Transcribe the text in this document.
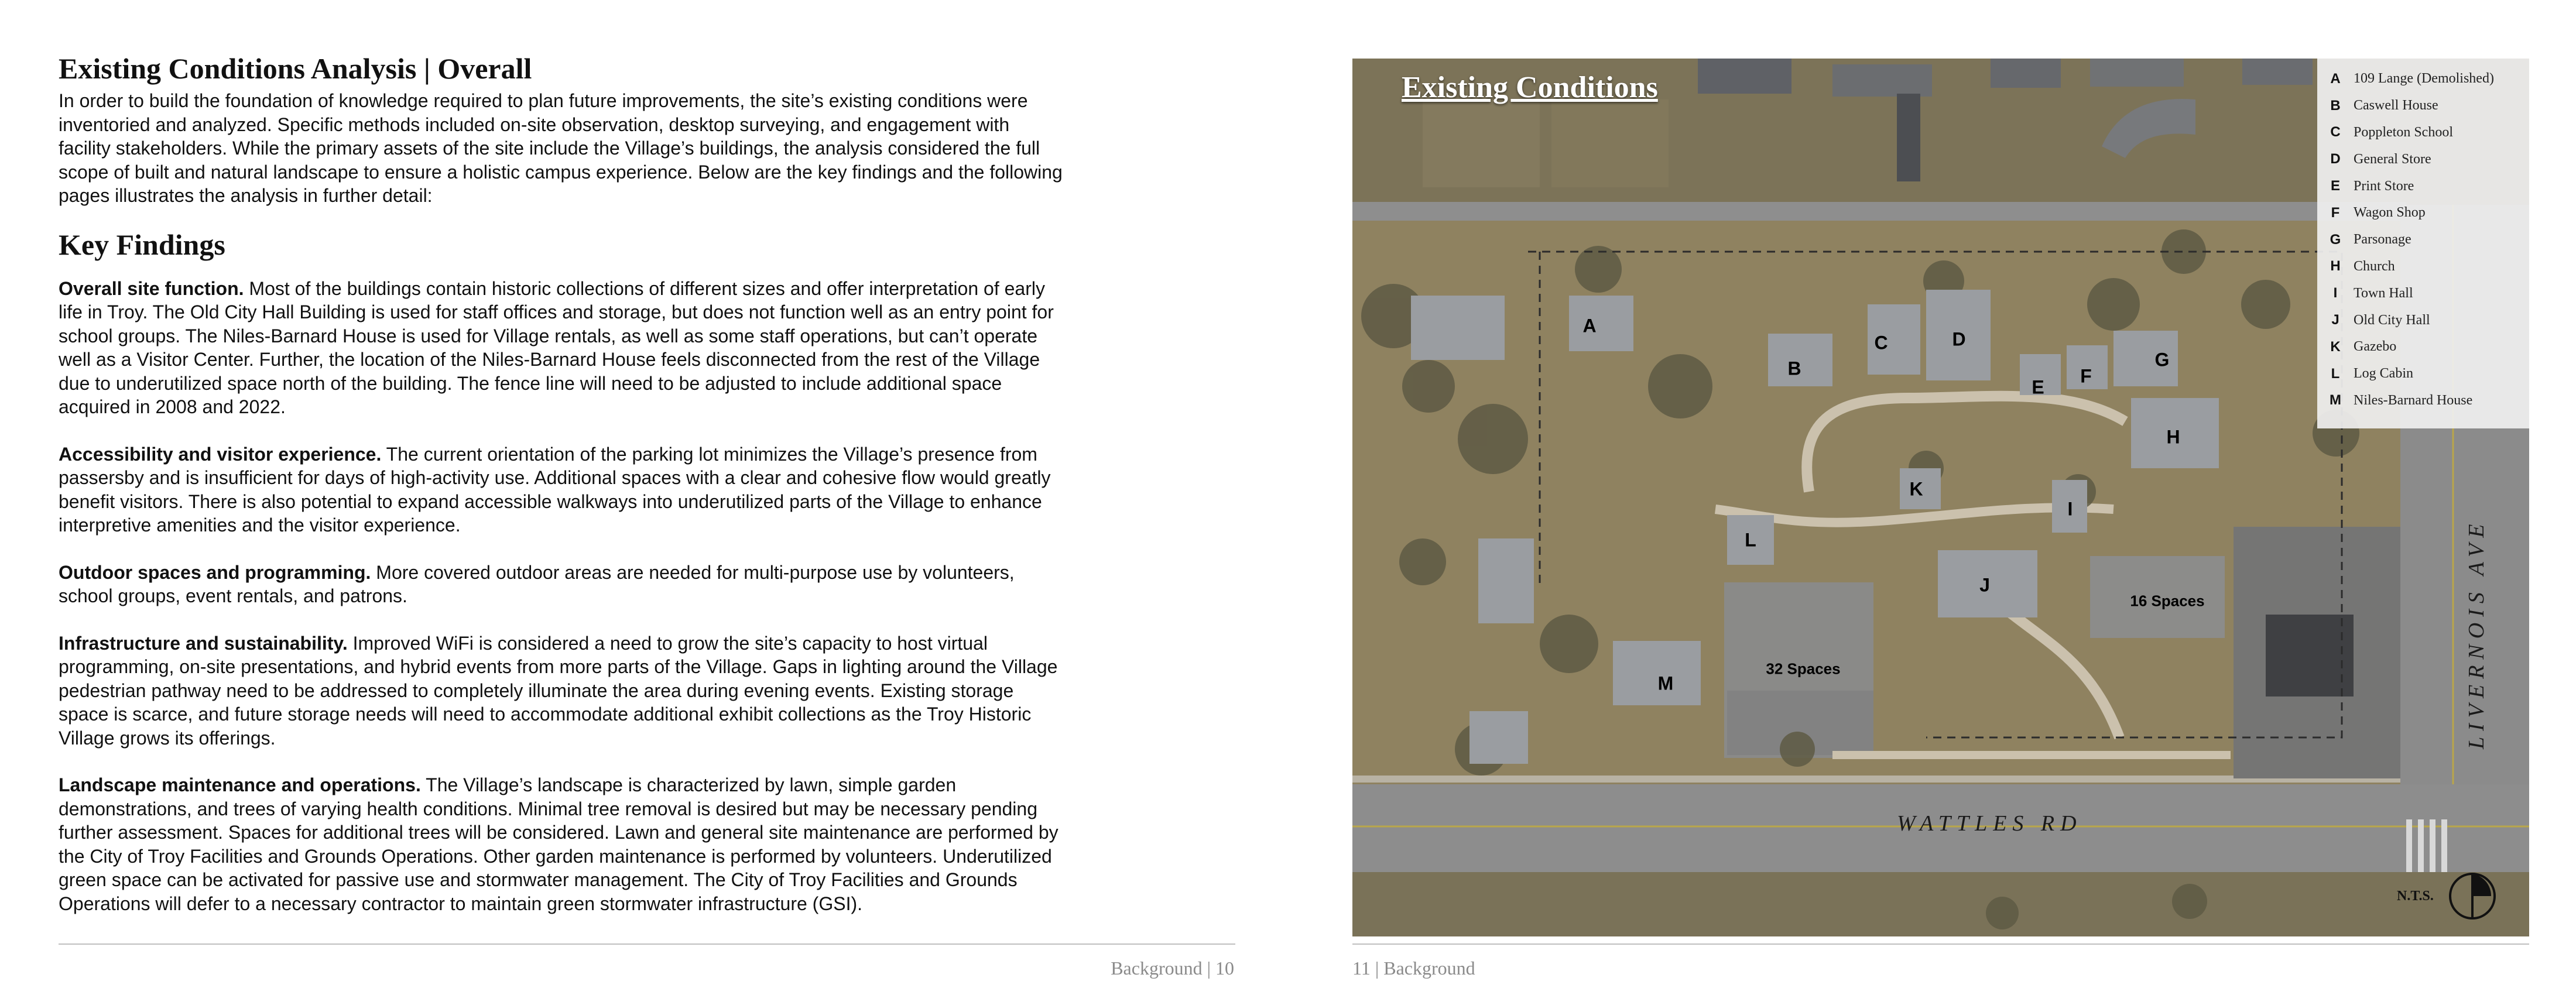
Existing Conditions Analysis | Overall

In order to build the foundation of knowledge required to plan future improvements, the site’s existing conditions were inventoried and analyzed. Specific methods included on-site observation, desktop surveying, and engagement with facility stakeholders. While the primary assets of the site include the Village’s buildings, the analysis considered the full scope of built and natural landscape to ensure a holistic campus experience. Below are the key findings and the following pages illustrates the analysis in further detail:

Key Findings

Overall site function. Most of the buildings contain historic collections of different sizes and offer interpretation of early life in Troy. The Old City Hall Building is used for staff offices and storage, but does not function well as an entry point for school groups. The Niles-Barnard House is used for Village rentals, as well as some staff operations, but can’t operate well as a Visitor Center. Further, the location of the Niles-Barnard House feels disconnected from the rest of the Village due to underutilized space north of the building. The fence line will need to be adjusted to include additional space acquired in 2008 and 2022.

Accessibility and visitor experience. The current orientation of the parking lot minimizes the Village’s presence from passersby and is insufficient for days of high-activity use. Additional spaces with a clear and cohesive flow would greatly benefit visitors. There is also potential to expand accessible walkways into underutilized parts of the Village to enhance interpretive amenities and the visitor experience.

Outdoor spaces and programming. More covered outdoor areas are needed for multi-purpose use by volunteers, school groups, event rentals, and patrons.

Infrastructure and sustainability. Improved WiFi is considered a need to grow the site’s capacity to host virtual programming, on-site presentations, and hybrid events from more parts of the Village. Gaps in lighting around the Village pedestrian pathway need to be addressed to completely illuminate the area during evening events. Existing storage space is scarce, and future storage needs will need to accommodate additional exhibit collections as the Troy Historic Village grows its offerings.

Landscape maintenance and operations. The Village’s landscape is characterized by lawn, simple garden demonstrations, and trees of varying health conditions. Minimal tree removal is desired but may be necessary pending further assessment. Spaces for additional trees will be considered. Lawn and general site maintenance are performed by the City of Troy Facilities and Grounds Operations. Other garden maintenance is performed by volunteers. Underutilized green space can be activated for passive use and stormwater management. The City of Troy Facilities and Grounds Operations will defer to a necessary contractor to maintain green stormwater infrastructure (GSI).

Background | 10
Existing Conditions
A
B
C	D
E
F
G
H
I
J
K
L
M
32 Spaces
16 Spaces
WATTLES RD
LIVERNOIS AVE
A 109 Lange (Demolished)
B Caswell House
C Poppleton School
D General Store
E Print Store
F Wagon Shop
G Parsonage
H Church
I	Town Hall
J	Old City Hall
K Gazebo
L Log Cabin
M Niles-Barnard House
N.T.S.
11 | Background
